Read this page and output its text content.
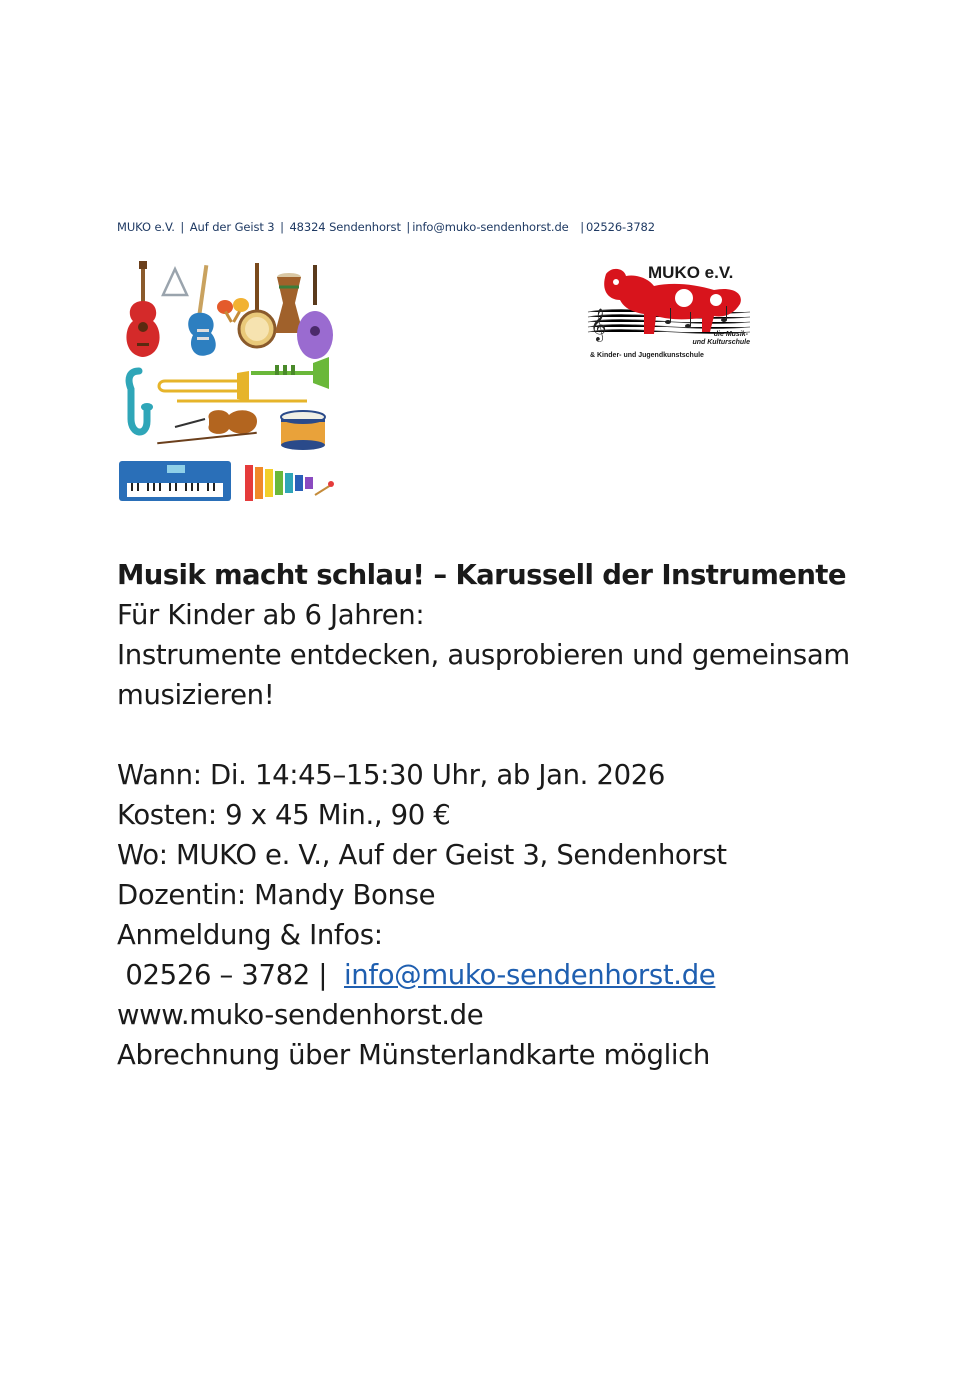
MUKO e.V. | Auf der Geist 3 | 48324 Sendenhorst | info@muko-sendenhorst.de | 02526-3782
𝄞
MUKO e.V.
die Musik-
und Kulturschule
& Kinder- und Jugendkunstschule

Musik macht schlau! – Karussell der Instrumente

Für Kinder ab 6 Jahren:

Instrumente entdecken, ausprobieren und gemeinsam musizieren!

Wann: Di. 14:45–15:30 Uhr, ab Jan. 2026

Kosten: 9 x 45 Min., 90 €

Wo: MUKO e. V., Auf der Geist 3, Sendenhorst

Dozentin: Mandy Bonse

Anmeldung & Infos:

02526 – 3782 | info@muko-sendenhorst.de

www.muko-sendenhorst.de

Abrechnung über Münsterlandkarte möglich
